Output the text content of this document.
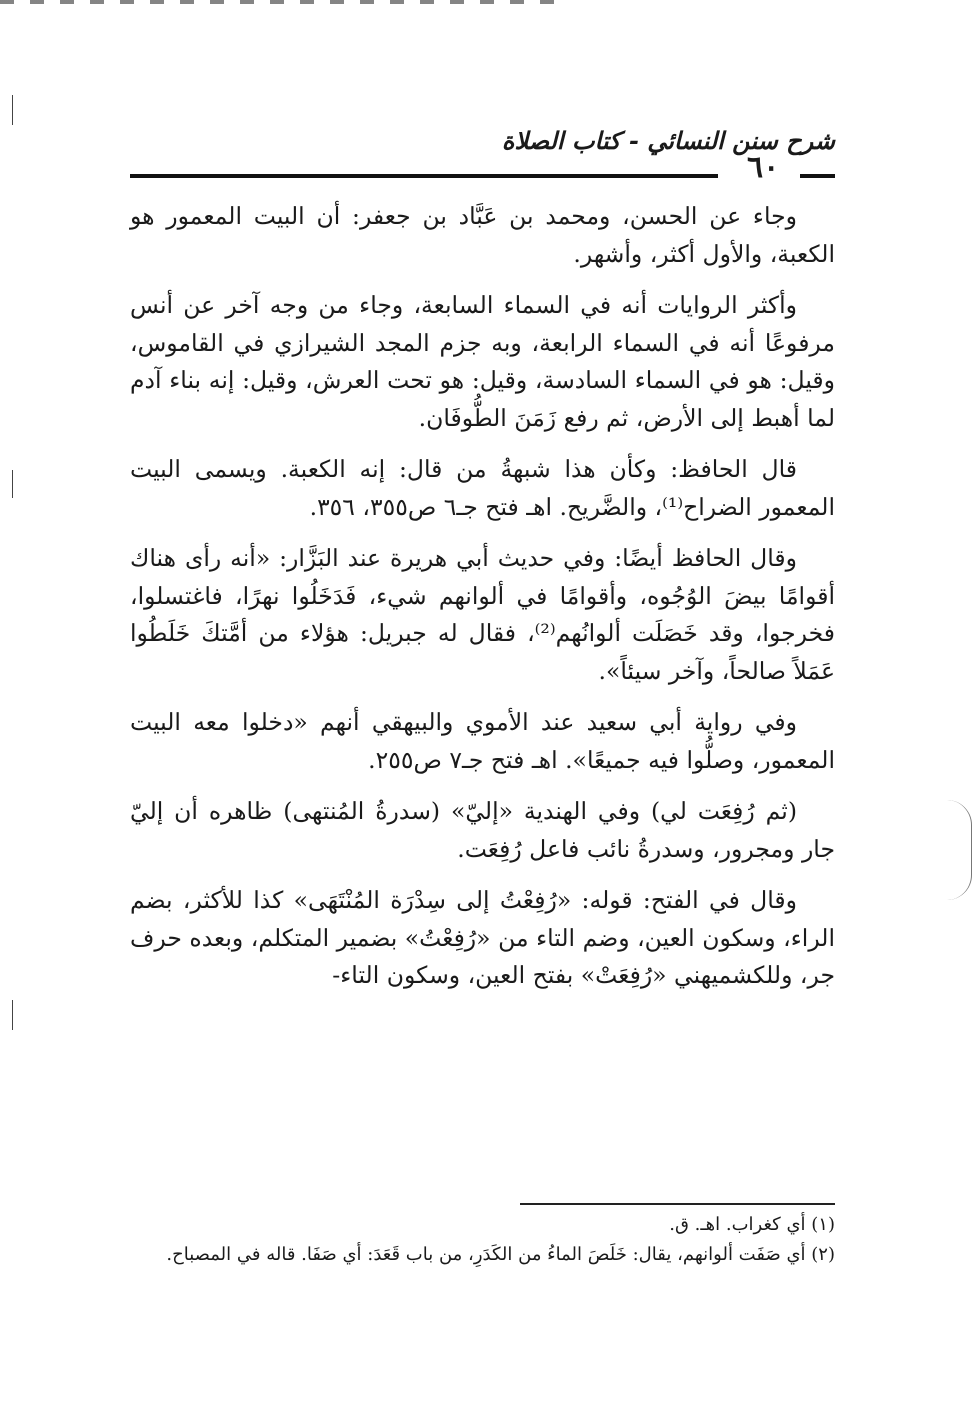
شرح سنن النسائي - كتاب الصلاة
٦٠

وجاء عن الحسن، ومحمد بن عَبَّاد بن جعفر: أن البيت المعمور هو الكعبة، والأول أكثر، وأشهر.

وأكثر الروايات أنه في السماء السابعة، وجاء من وجه آخر عن أنس مرفوعًا أنه في السماء الرابعة، وبه جزم المجد الشيرازي في القاموس، وقيل: هو في السماء السادسة، وقيل: هو تحت العرش، وقيل: إنه بناء آدم لما أهبط إلى الأرض، ثم رفع زَمَنَ الطُّوفَان.

قال الحافظ: وكأن هذا شبهةُ من قال: إنه الكعبة. ويسمى البيت المعمور الضراح⁽¹⁾، والضَّريح. اهـ فتح جـ٦ ص٣٥٥، ٣٥٦.

وقال الحافظ أيضًا: وفي حديث أبي هريرة عند البَزَّار: «أنه رأى هناك أقوامًا بيضَ الوُجُوه، وأقوامًا في ألوانهم شيء، فَدَخَلُوا نهرًا، فاغتسلوا، فخرجوا، وقد خَصَلَت ألوانُهم⁽²⁾، فقال له جبريل: هؤلاء من أمَّتكَ خَلَطُوا عَمَلاً صالحاً، وآخر سيئاً».

وفي رواية أبي سعيد عند الأموي والبيهقي أنهم «دخلوا معه البيت المعمور، وصلُّوا فيه جميعًا». اهـ فتح جـ٧ ص٢٥٥.

(ثم رُفِعَت لي) وفي الهندية «إليّ» (سدرةُ المُنتهى) ظاهره أن إليّ جار ومجرور، وسدرةُ نائب فاعل رُفِعَت.

وقال في الفتح: قوله: «رُفِعْتُ إلى سِدْرَة المُنْتَهَى» كذا للأكثر، بضم الراء، وسكون العين، وضم التاء من «رُفِعْتُ» بضمير المتكلم، وبعده حرف جر، وللكشميهني «رُفِعَتْ» بفتح العين، وسكون التاء-

(١) أي كغراب. اهـ. ق.

(٢) أي صَفَت ألوانهم، يقال: خَلَصَ الماءُ من الكَدَرِ، من باب قَعَدَ: أي صَفَا. قاله في المصباح.
